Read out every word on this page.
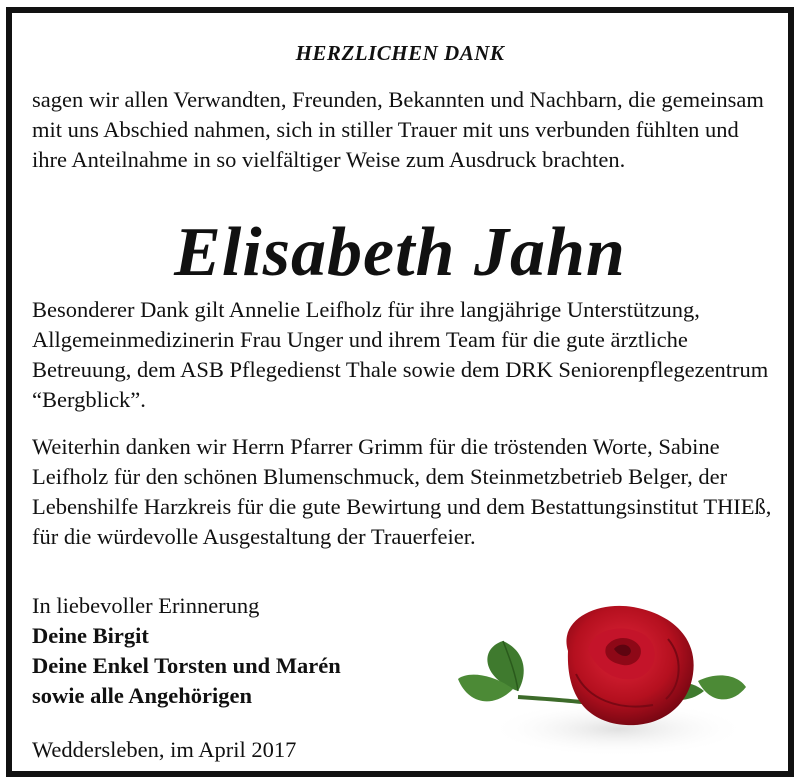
HERZLICHEN DANK
sagen wir allen Verwandten, Freunden, Bekannten und Nachbarn, die gemeinsam mit uns Abschied nahmen, sich in stiller Trauer mit uns verbunden fühlten und ihre Anteilnahme in so vielfältiger Weise zum Ausdruck brachten.
Elisabeth Jahn
Besonderer Dank gilt Annelie Leifholz für ihre langjährige Unterstützung, Allgemeinmedizinerin Frau Unger und ihrem Team für die gute ärztliche Betreuung, dem ASB Pflegedienst Thale sowie dem DRK Seniorenpflegezentrum “Bergblick”.
Weiterhin danken wir Herrn Pfarrer Grimm für die tröstenden Worte, Sabine Leifholz für den schönen Blumenschmuck, dem Steinmetzbetrieb Belger, der Lebenshilfe Harzkreis für die gute Bewirtung und dem Bestattungsinstitut THIEß, für die würdevolle Ausgestaltung der Trauerfeier.
In liebevoller Erinnerung
Deine Birgit
Deine Enkel Torsten und Marén
sowie alle Angehörigen
Weddersleben, im April 2017
